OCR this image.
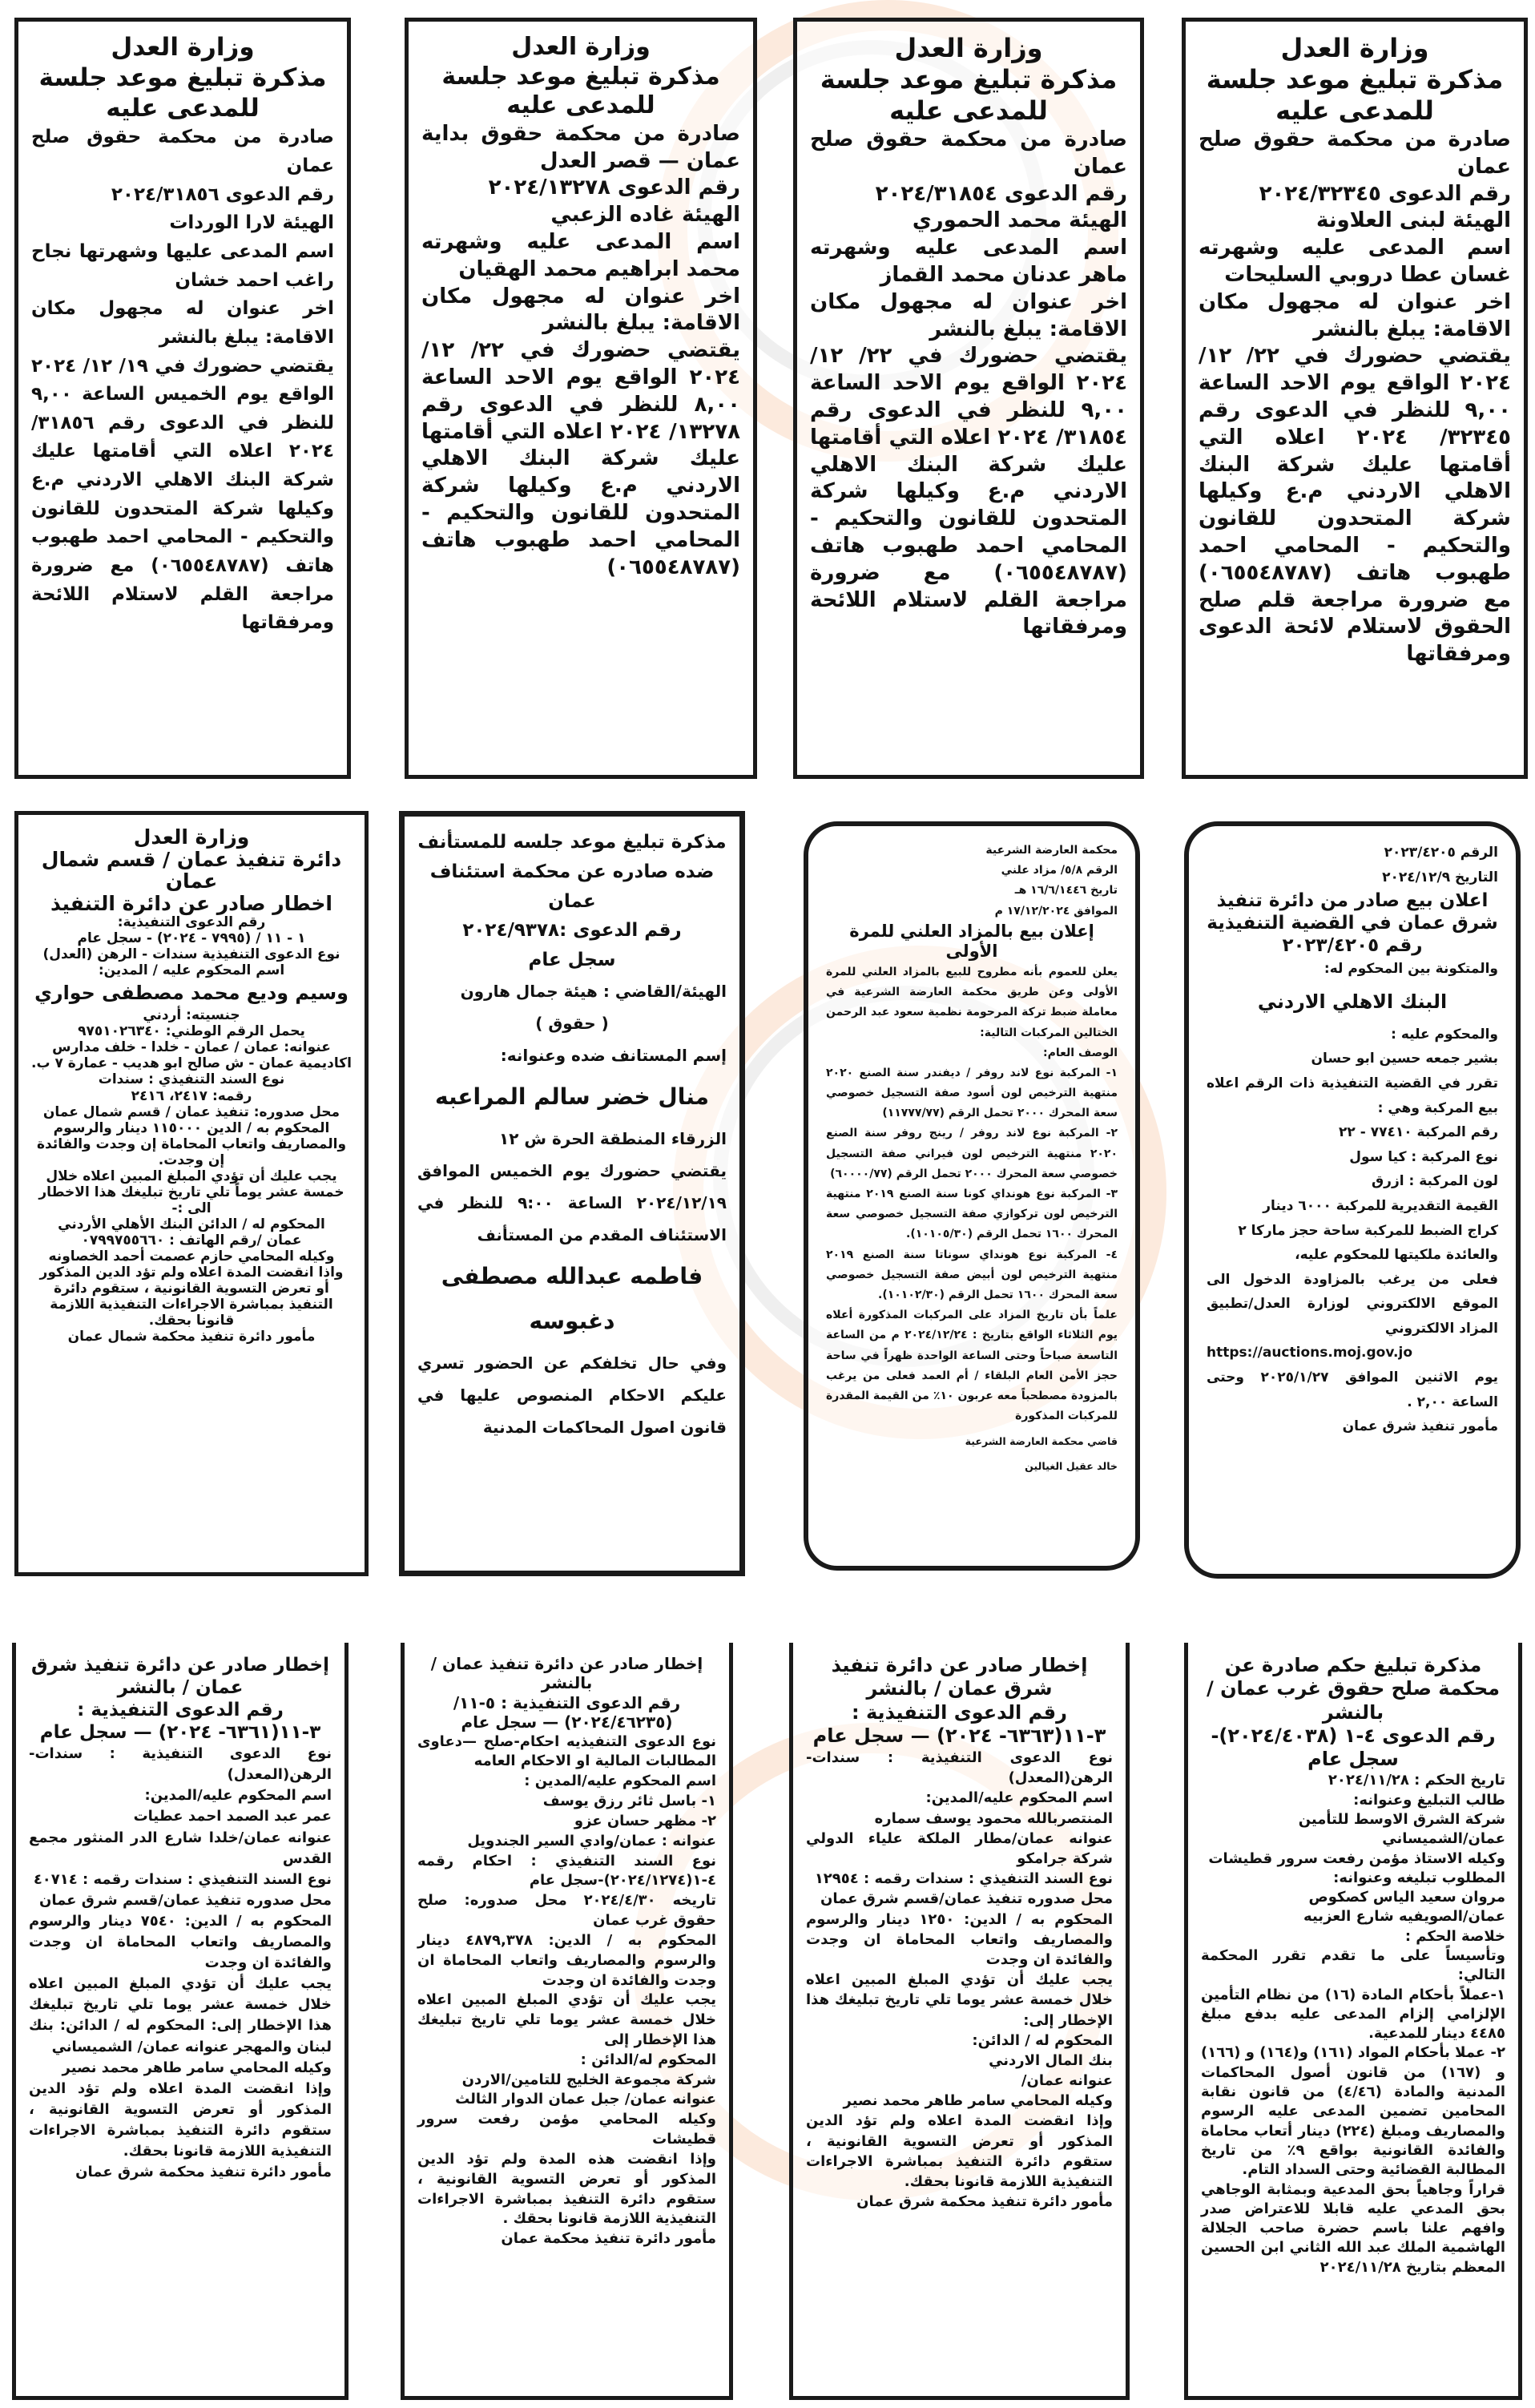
وزارة العدل
مذكرة تبليغ موعد جلسة للمدعى عليه
صادرة من محكمة حقوق صلح عمان
رقم الدعوى ٢٠٢٤/٣٢٣٤٥
الهيئة لبنى العلاونة
اسم المدعى عليه وشهرته غسان عطا دروبي السليحات
اخر عنوان له مجهول مكان الاقامة: يبلغ بالنشر
يقتضي حضورك في ٢٢/ ١٢/ ٢٠٢٤ الواقع يوم الاحد الساعة ٩,٠٠ للنظر في الدعوى رقم ٣٢٣٤٥/ ٢٠٢٤ اعلاه التي أقامتها عليك شركة البنك الاهلي الاردني م.ع وكيلها شركة المتحدون للقانون والتحكيم - المحامي احمد طهبوب هاتف (٠٦٥٥٤٨٧٨٧) مع ضرورة مراجعة قلم صلح الحقوق لاستلام لائحة الدعوى ومرفقاتها
وزارة العدل
مذكرة تبليغ موعد جلسة للمدعى عليه
صادرة من محكمة حقوق صلح عمان
رقم الدعوى ٢٠٢٤/٣١٨٥٤
الهيئة محمد الحموري
اسم المدعى عليه وشهرته ماهر عدنان محمد القماز
اخر عنوان له مجهول مكان الاقامة: يبلغ بالنشر
يقتضي حضورك في ٢٢/ ١٢/ ٢٠٢٤ الواقع يوم الاحد الساعة ٩,٠٠ للنظر في الدعوى رقم ٣١٨٥٤/ ٢٠٢٤ اعلاه التي أقامتها عليك شركة البنك الاهلي الاردني م.ع وكيلها شركة المتحدون للقانون والتحكيم - المحامي احمد طهبوب هاتف (٠٦٥٥٤٨٧٨٧) مع ضرورة مراجعة القلم لاستلام اللائحة ومرفقاتها
وزارة العدل
مذكرة تبليغ موعد جلسة للمدعى عليه
صادرة من محكمة حقوق بداية عمان — قصر العدل
رقم الدعوى ٢٠٢٤/١٣٢٧٨
الهيئة غاده الزعبي
اسم المدعى عليه وشهرته محمد ابراهيم محمد الهقيان
اخر عنوان له مجهول مكان الاقامة: يبلغ بالنشر
يقتضي حضورك في ٢٢/ ١٢/ ٢٠٢٤ الواقع يوم الاحد الساعة ٨,٠٠ للنظر في الدعوى رقم ١٣٢٧٨/ ٢٠٢٤ اعلاه التي أقامتها عليك شركة البنك الاهلي الاردني م.ع وكيلها شركة المتحدون للقانون والتحكيم - المحامي احمد طهبوب هاتف (٠٦٥٥٤٨٧٨٧)
وزارة العدل
مذكرة تبليغ موعد جلسة للمدعى عليه
صادرة من محكمة حقوق صلح عمان
رقم الدعوى ٢٠٢٤/٣١٨٥٦
الهيئة لارا الوردات
اسم المدعى عليها وشهرتها نجاح راغب احمد خشان
اخر عنوان له مجهول مكان الاقامة: يبلغ بالنشر
يقتضي حضورك في ١٩/ ١٢/ ٢٠٢٤ الواقع يوم الخميس الساعة ٩,٠٠ للنظر في الدعوى رقم ٣١٨٥٦/ ٢٠٢٤ اعلاه التي أقامتها عليك شركة البنك الاهلي الاردني م.ع وكيلها شركة المتحدون للقانون والتحكيم - المحامي احمد طهبوب هاتف (٠٦٥٥٤٨٧٨٧) مع ضرورة مراجعة القلم لاستلام اللائحة ومرفقاتها
الرقم ٢٠٢٣/٤٢٠٥
التاريخ ٢٠٢٤/١٢/٩
اعلان بيع صادر من دائرة تنفيذ شرق عمان في القضية التنفيذية رقم ٢٠٢٣/٤٢٠٥
والمتكونة بين المحكوم له:
البنك الاهلي الاردني
والمحكوم عليه :
بشير جمعه حسين ابو حسان
تقرر في القضية التنفيذية ذات الرقم اعلاه بيع المركبة وهي :
رقم المركبة ٧٧٤١٠ - ٢٢
نوع المركبة : كيا سول
لون المركبة : ازرق
القيمة التقديرية للمركبة ٦٠٠٠ دينار
كراج الضبط للمركبة ساحة حجز ماركا ٢
والعائدة ملكيتها للمحكوم عليه،
فعلى من يرغب بالمزاودة الدخول الى الموقع الالكتروني لوزارة العدل/تطبيق المزاد الالكتروني
https://auctions.moj.gov.jo
يوم الاثنين الموافق ٢٠٢٥/١/٢٧ وحتى الساعة ٢,٠٠ .
مأمور تنفيذ شرق عمان
محكمة العارضة الشرعية
الرقم ٥/٨/ مزاد علني
تاريخ ١٦/٦/١٤٤٦ هـ
الموافق ١٧/١٢/٢٠٢٤ م
إعلان بيع بالمزاد العلني للمرة الأولى
يعلن للعموم بأنه مطروح للبيع بالمزاد العلني للمرة الأولى وعن طريق محكمة العارضة الشرعية في معاملة ضبط تركة المرحومة نظمية سعود عبد الرحمن الختالين المركبات التالية:
الوصف العام:
١- المركبة نوع لاند روفر / ديفندر سنة الصنع ٢٠٢٠ منتهية الترخيص لون أسود صفة التسجيل خصوصي سعة المحرك ٢٠٠٠ تحمل الرقم (١١٧٧٧/٧٧)
٢- المركبة نوع لاند روفر / رينج روفر سنة الصنع ٢٠٢٠ منتهية الترخيص لون فيراني صفة التسجيل خصوصي سعة المحرك ٢٠٠٠ تحمل الرقم (٦٠٠٠٠/٧٧)
٣- المركبة نوع هونداي كونا سنة الصنع ٢٠١٩ منتهية الترخيص لون تركوازي صفة التسجيل خصوصي سعة المحرك ١٦٠٠ تحمل الرقم (١٠١٠٥/٣٠).
٤- المركبة نوع هونداي سوناتا سنة الصنع ٢٠١٩ منتهية الترخيص لون أبيض صفة التسجيل خصوصي سعة المحرك ١٦٠٠ تحمل الرقم (١٠١٠٢/٣٠).
علماً بأن تاريخ المزاد على المركبات المذكورة أعلاه يوم الثلاثاء الواقع بتاريخ : ٢٠٢٤/١٢/٢٤ م من الساعة التاسعة صباحاً وحتى الساعة الواحدة ظهراً في ساحة حجز الأمن العام البلقاء / أم العمد فعلى من يرغب بالمزودة مصطحباً معه عربون ١٠٪ من القيمة المقدرة للمركبات المذكورة
قاضي محكمة العارضة الشرعية
خالد عقيل الغيالين
مذكرة تبليغ موعد جلسه للمستأنف ضده صادره عن محكمة استئناف عمان
رقم الدعوى :٢٠٢٤/٩٣٧٨
سجل عام
الهيئة/القاضي : هيئة جمال هارون
( حقوق )
إسم المستانف ضده وعنوانه:
منال خضر سالم المراعبه
الزرقاء المنطقة الحرة ش ١٢
يقتضي حضورك يوم الخميس الموافق ٢٠٢٤/١٢/١٩ الساعة ٩:٠٠ للنظر في الاستئناف المقدم من المستأنف
فاطمه عبدالله مصطفى دغبوسه
وفي حال تخلفكم عن الحضور تسري عليكم الاحكام المنصوص عليها في قانون اصول المحاكمات المدنية
وزارة العدل
دائرة تنفيذ عمان / قسم شمال عمان
اخطار صادر عن دائرة التنفيذ
رقم الدعوى التنفيذية:
١ - ١١ / (٧٩٩٥ - ٢٠٢٤) - سجل عام
نوع الدعوى التنفيذية سندات - الرهن (العدل)
اسم المحكوم عليه / المدين:
وسيم وديع محمد مصطفى حواري
جنسيته: أردني
يحمل الرقم الوطني: ٩٧٥١٠٢٦٣٤٠
عنوانه: عمان / عمان - خلدا - خلف مدارس اكاديمية عمان - ش صالح ابو هديب - عمارة ٧ ب.
نوع السند التنفيذي : سندات
رقمه: ٢٤١٧، ٢٤١٦
محل صدوره: تنفيذ عمان / قسم شمال عمان
المحكوم به / الدين ١١٥٠٠٠ دينار والرسوم والمصاريف واتعاب المحاماة إن وجدت والفائدة إن وجدت.
يجب عليك أن تؤدي المبلغ المبين اعلاه خلال خمسة عشر يوماً تلي تاريخ تبليغك هذا الاخطار الى :-
المحكوم له / الدائن البنك الأهلي الأردني
عمان /رقم الهاتف : ٠٧٩٩٧٥٥٦٦٠
وكيله المحامي حازم عصمت أحمد الخصاونه
واذا انقضت المدة اعلاه ولم تؤد الدين المذكور أو تعرض التسوية القانونية ، ستقوم دائرة التنفيذ بمباشرة الاجراءات التنفيذية اللازمة قانونا بحقك.
مأمور دائرة تنفيذ محكمة شمال عمان
مذكرة تبليغ حكم صادرة عن محكمة صلح حقوق غرب عمان /بالنشر
رقم الدعوى ٤-١ (٢٠٢٤/٤٠٣٨)-
سجل عام
تاريخ الحكم : ٢٠٢٤/١١/٢٨
طالب التبليغ وعنوانه:
شركة الشرق الاوسط للتأمين
عمان/الشميساني
وكيله الاستاذ مؤمن رفعت سرور قطيشات
المطلوب تبليغه وعنوانه:
مروان سعيد الياس كصكوص
عمان/الصويفيه شارع العزبيه
خلاصة الحكم :
وتأسيساً على ما تقدم تقرر المحكمة التالي:
١-عملاً بأحكام المادة (١٦) من نظام التأمين الإلزامي إلزام المدعى عليه بدفع مبلغ ٤٤٨٥ دينار للمدعية.
٢- عملا بأحكام المواد (١٦١) و(١٦٤) و (١٦٦) و (١٦٧) من قانون أصول المحاكمات المدنية والمادة (٤/٤٦) من قانون نقابة المحامين تضمين المدعى عليه الرسوم والمصاريف ومبلغ (٢٢٤) دينار أتعاب محاماة والفائدة القانونية بواقع ٩٪ من تاريخ المطالبة القضائية وحتى السداد التام.
قراراً وجاهياً بحق المدعية وبمثابة الوجاهي بحق المدعي عليه قابلا للاعتراض صدر وافهم علنا باسم حضرة صاحب الجلالة الهاشمية الملك عبد الله الثاني ابن الحسين المعظم بتاريخ ٢٠٢٤/١١/٢٨
إخطار صادر عن دائرة تنفيذ شرق عمان / بالنشر
رقم الدعوى التنفيذية :
٣-١١(٦٣٦٣- ٢٠٢٤) — سجل عام
نوع الدعوى التنفيذية : سندات-الرهن(المعدل)
اسم المحكوم عليه/المدين:
المنتصربالله محمود يوسف سماره
عنوانه عمان/مطار الملكة علياء الدولي شركة جرامكو
نوع السند التنفيذي : سندات رقمه : ١٢٩٥٤
محل صدوره تنفيذ عمان/قسم شرق عمان
المحكوم به / الدين: ١٢٥٠ دينار والرسوم والمصاريف واتعاب المحاماة ان وجدت والفائدة ان وجدت
يجب عليك أن تؤدي المبلغ المبين اعلاه خلال خمسة عشر يوما تلي تاريخ تبليغك هذا الإخطار إلى:
المحكوم له / الدائن:
بنك المال الاردني
عنوانه عمان/
وكيله المحامي سامر طاهر محمد نصير
وإذا انقضت المدة اعلاه ولم تؤد الدين المذكور أو تعرض التسوية القانونية ، ستقوم دائرة التنفيذ بمباشرة الاجراءات التنفيذية اللازمة قانونا بحقك.
مأمور دائرة تنفيذ محكمة شرق عمان
إخطار صادر عن دائرة تنفيذ عمان / بالنشر
رقم الدعوى التنفيذية : ٥-١١/
(٢٠٢٤/٤٦٢٣٥) — سجل عام
نوع الدعوى التنفيذيه احكام-صلح —دعاوى المطالبات المالية او الاحكام العامه
اسم المحكوم عليه/المدين :
١- باسل ثائر رزق يوسف
٢- مظهر حسان عزو
عنوانه : عمان/وادي السير الجندويل
نوع السند التنفيذي : احكام رقمه ٤-١(٢٠٢٤/١٢٧٤)-سجل عام
تاريخه ٢٠٢٤/٤/٣٠ محل صدوره: صلح حقوق غرب عمان
المحكوم به / الدين: ٤٨٧٩,٣٧٨ دينار والرسوم والمصاريف واتعاب المحاماة ان وجدت والفائدة ان وجدت
يجب عليك أن تؤدي المبلغ المبين اعلاه خلال خمسة عشر يوما تلي تاريخ تبليغك هذا الإخطار إلى
المحكوم له/الدائن :
شركة مجموعة الخليج للتامين/الاردن
عنوانه عمان/ جبل عمان الدوار الثالث
وكيله المحامي مؤمن رفعت سرور قطيشات
وإذا انقضت هذه المدة ولم تؤد الدين المذكور أو تعرض التسوية القانونية ، ستقوم دائرة التنفيذ بمباشرة الاجراءات التنفيذية اللازمة قانونا بحقك .
مأمور دائرة تنفيذ محكمة عمان
إخطار صادر عن دائرة تنفيذ شرق عمان / بالنشر
رقم الدعوى التنفيذية :
٣-١١(٦٣٦١- ٢٠٢٤) — سجل عام
نوع الدعوى التنفيذية : سندات-الرهن(المعدل)
اسم المحكوم عليه/المدين:
عمر عبد الصمد احمد عطيات
عنوانه عمان/خلدا شارع الدر المنثور مجمع القدس
نوع السند التنفيذي : سندات رقمه : ٤٠٧١٤
محل صدوره تنفيذ عمان/قسم شرق عمان
المحكوم به / الدين: ٧٥٤٠ دينار والرسوم والمصاريف واتعاب المحاماة ان وجدت والفائدة ان وجدت
يجب عليك أن تؤدي المبلغ المبين اعلاه خلال خمسة عشر يوما تلي تاريخ تبليغك هذا الإخطار إلى: المحكوم له / الدائن: بنك لبنان والمهجر عنوانه عمان/ الشميساني
وكيله المحامي سامر طاهر محمد نصير
وإذا انقضت المدة اعلاه ولم تؤد الدين المذكور أو تعرض التسوية القانونية ، ستقوم دائرة التنفيذ بمباشرة الاجراءات التنفيذية اللازمة قانونا بحقك.
مأمور دائرة تنفيذ محكمة شرق عمان
